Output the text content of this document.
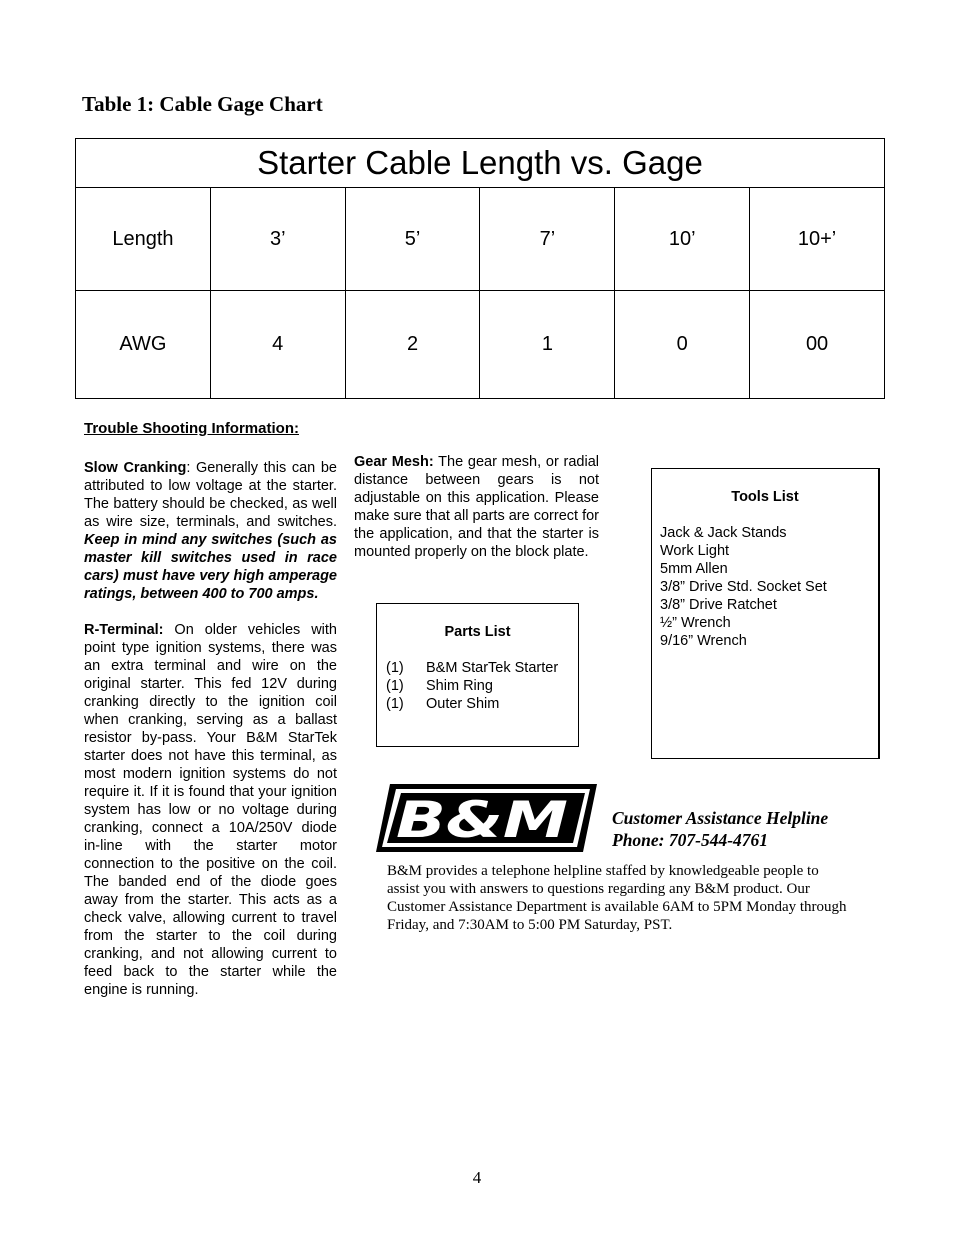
Table 1: Cable Gage Chart
Starter Cable Length vs. Gage					
Length	3’	5’	7’	10’	10+’
AWG	4	2	1	0	00
Trouble Shooting Information:

Slow Cranking: Generally this can be attributed to low voltage at the starter. The battery should be checked, as well as wire size, terminals, and switches. Keep in mind any switches (such as master kill switches used in race cars) must have very high amperage ratings, between 400 to 700 amps.

R-Terminal: On older vehicles with point type ignition systems, there was an extra terminal and wire on the original starter. This fed 12V during cranking directly to the ignition coil when cranking, serving as a ballast resistor by-pass. Your B&M StarTek starter does not have this terminal, as most modern ignition systems do not require it. If it is found that your ignition system has low or no voltage during cranking, connect a 10A/250V diode in-line with the starter motor connection to the positive on the coil. The banded end of the diode goes away from the starter. This acts as a check valve, allowing current to travel from the starter to the coil during cranking, and not allowing current to feed back to the starter while the engine is running.

Gear Mesh: The gear mesh, or radial distance between gears is not adjustable on this application. Please make sure that all parts are correct for the application, and that the starter is mounted properly on the block plate.

Parts List
(1)	B&M StarTek Starter
(1)	Shim Ring
(1)	Outer Shim
Tools List
Jack & Jack Stands
Work Light
5mm Allen
3/8” Drive Std. Socket Set
3/8” Drive Ratchet
½” Wrench
9/16” Wrench
B&M	Customer Assistance Helpline
Phone: 707-544-4761
B&M provides a telephone helpline staffed by knowledgeable people to assist you with answers to questions regarding any B&M product. Our Customer Assistance Department is available 6AM to 5PM Monday through Friday, and 7:30AM to 5:00 PM Saturday, PST.
4
